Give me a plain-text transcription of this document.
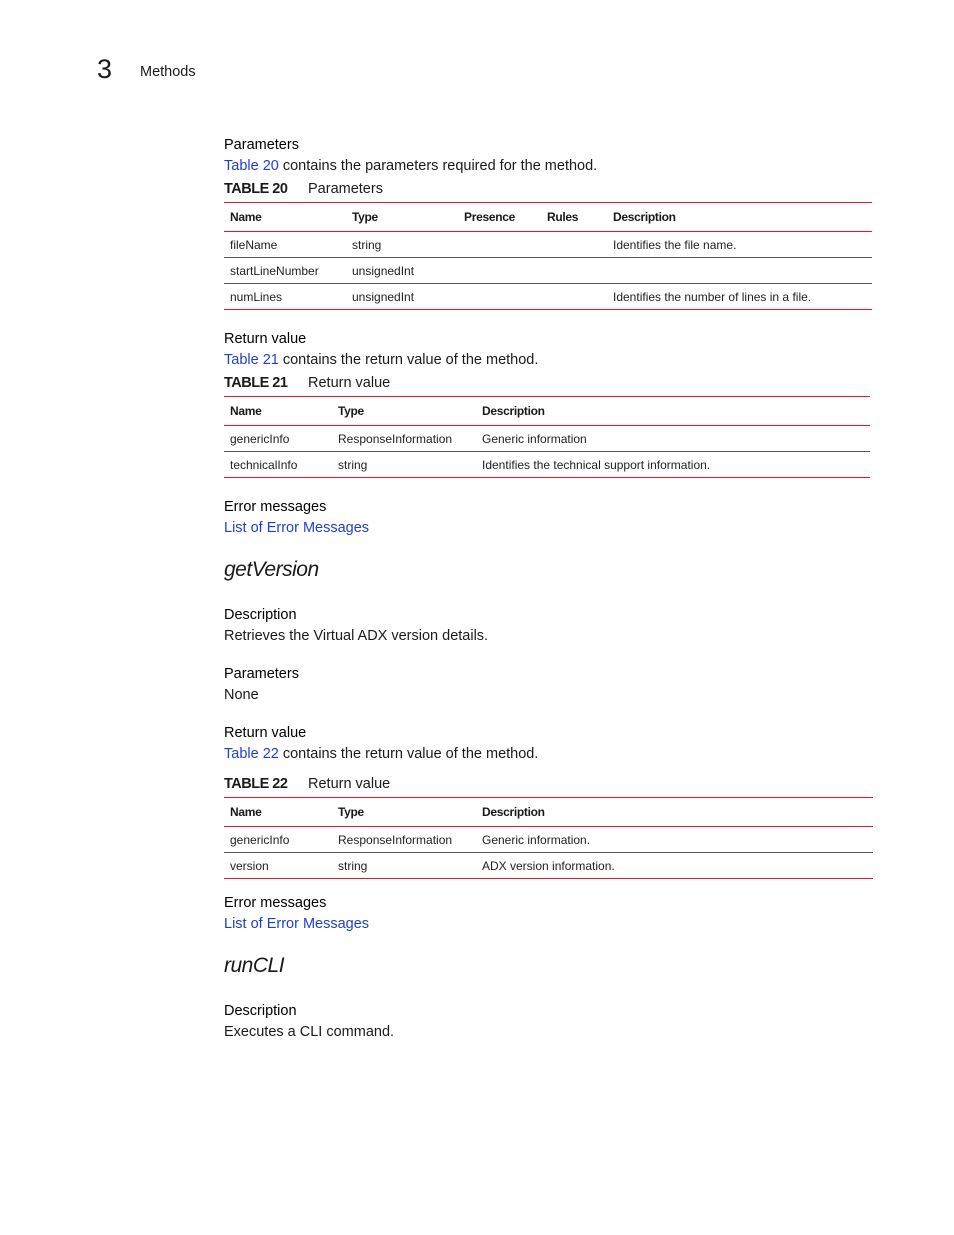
3 Methods
Parameters
Table 20 contains the parameters required for the method.
TABLE 20 Parameters
Name	Type	Presence	Rules	Description
fileName	string			Identifies the file name.
startLineNumber	unsignedInt			
numLines	unsignedInt			Identifies the number of lines in a file.
Return value
Table 21 contains the return value of the method.
TABLE 21 Return value
Name	Type	Description
genericInfo	ResponseInformation	Generic information
technicalInfo	string	Identifies the technical support information.
Error messages
List of Error Messages
getVersion
Description
Retrieves the Virtual ADX version details.
Parameters
None
Return value
Table 22 contains the return value of the method.
TABLE 22 Return value
Name	Type	Description
genericInfo	ResponseInformation	Generic information.
version	string	ADX version information.
Error messages
List of Error Messages
runCLI
Description
Executes a CLI command.
